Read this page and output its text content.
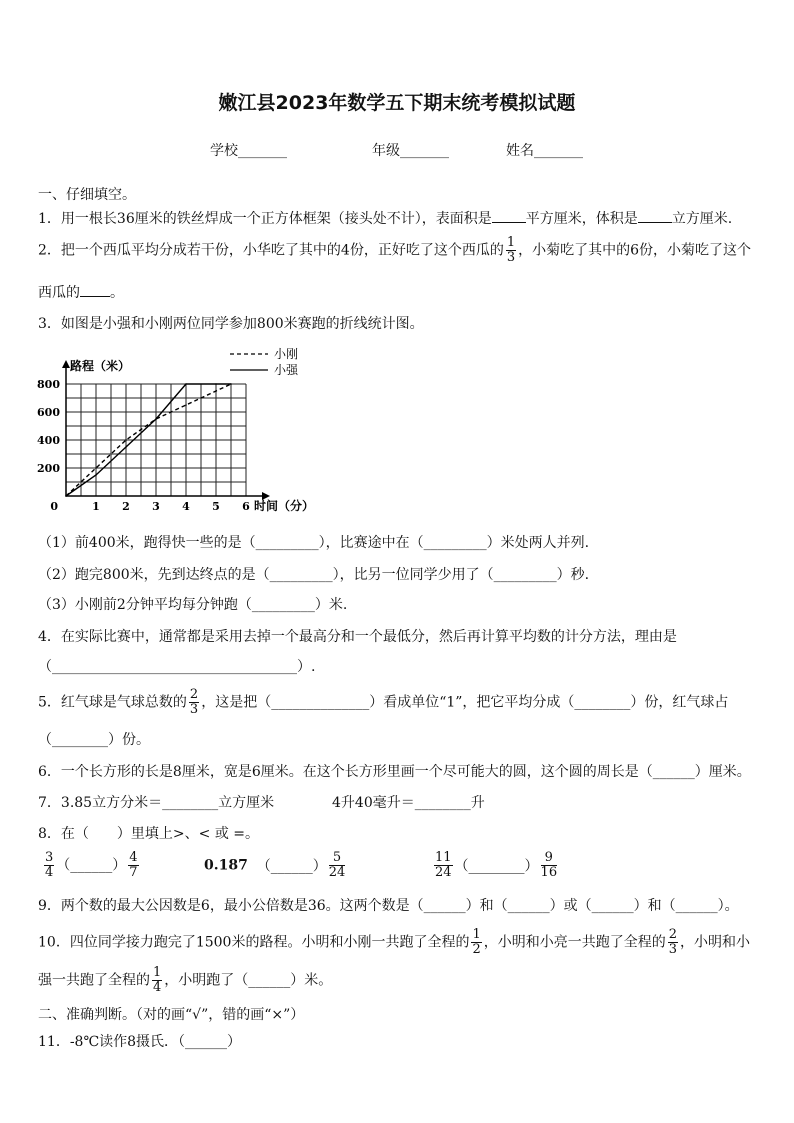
嫩江县2023年数学五下期末统考模拟试题
学校_______	年级_______	姓名_______
一、仔细填空。
1．用一根长36厘米的铁丝焊成一个正方体框架（接头处不计），表面积是 平方厘米，体积是 立方厘米.
2．把一个西瓜平均分成若干份，小华吃了其中的4份，正好吃了这个西瓜的 $\frac{1}{3}$ ，小菊吃了其中的6份，小菊吃了这个
西瓜的 。
3．如图是小强和小刚两位同学参加800米赛跑的折线统计图。
小刚
小强
0	1 2 3 4 5 6
200
400
600
800
路程（米）
时间（分）
（1）前400米，跑得快一些的是（_________），比赛途中在（_________）米处两人并列.
（2）跑完800米，先到达终点的是（_________），比另一位同学少用了（_________）秒.
（3）小刚前2分钟平均每分钟跑（_________）米.
4．在实际比赛中，通常都是采用去掉一个最高分和一个最低分，然后再计算平均数的计分方法，理由是
（___________________________________）.
5．红气球是气球总数的 $\frac{2}{3}$ ，这是把（______________）看成单位“1”，把它平均分成（________）份，红气球占
（________）份。
6．一个长方形的长是8厘米，宽是6厘米。在这个长方形里画一个尽可能大的圆，这个圆的周长是（______）厘米。
7．3.85立方分米＝________立方厘米	4升40毫升＝________升
8．在（　　）里填上>、< 或 =。
$\frac{3}{4}$ （______） $\frac{4}{7}$	0.187 （______） $\frac{5}{24}$	$\frac{11}{24}$ （________） $\frac{9}{16}$
9．两个数的最大公因数是6，最小公倍数是36。这两个数是（______）和（______）或（______）和（______）。
10．四位同学接力跑完了1500米的路程。小明和小刚一共跑了全程的 $\frac{1}{2}$ ，小明和小亮一共跑了全程的 $\frac{2}{3}$ ，小明和小
强一共跑了全程的 $\frac{1}{4}$ ，小明跑了（______）米。
二、准确判断。（对的画“√”，错的画“×”）
11．-8℃读作8摄氏．（______）
